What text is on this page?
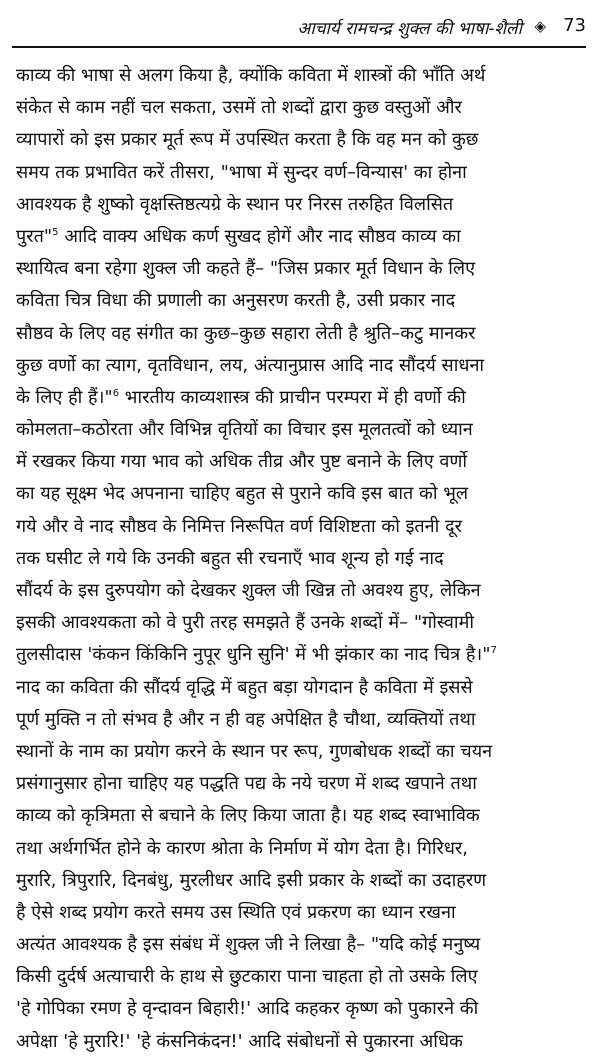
आचार्य रामचन्द्र शुक्ल की भाषा-शैली ◈ 73
काव्य की भाषा से अलग किया है, क्योंकि कविता में शास्त्रों की भाँति अर्थ
संकेत से काम नहीं चल सकता, उसमें तो शब्दों द्वारा कुछ वस्तुओं और
व्यापारों को इस प्रकार मूर्त रूप में उपस्थित करता है कि वह मन को कुछ
समय तक प्रभावित करें तीसरा, "भाषा में सुन्दर वर्ण–विन्यास' का होना
आवश्यक है शुष्को वृक्षस्तिष्ठत्यग्रे के स्थान पर निरस तरुहित विलसित
पुरत"$^5$ आदि वाक्य अधिक कर्ण सुखद होगें और नाद सौष्ठव काव्य का
स्थायित्व बना रहेगा शुक्ल जी कहते हैं– "जिस प्रकार मूर्त विधान के लिए
कविता चित्र विधा की प्रणाली का अनुसरण करती है, उसी प्रकार नाद
सौष्ठव के लिए वह संगीत का कुछ–कुछ सहारा लेती है श्रुति–कटु मानकर
कुछ वर्णो का त्याग, वृतविधान, लय, अंत्यानुप्रास आदि नाद सौंदर्य साधना
के लिए ही हैं।"$^6$ भारतीय काव्यशास्त्र की प्राचीन परम्परा में ही वर्णो की
कोमलता–कठोरता और विभिन्न वृतियों का विचार इस मूलतत्वों को ध्यान
में रखकर किया गया भाव को अधिक तीव्र और पुष्ट बनाने के लिए वर्णो
का यह सूक्ष्म भेद अपनाना चाहिए बहुत से पुराने कवि इस बात को भूल
गये और वे नाद सौष्ठव के निमित्त निरूपित वर्ण विशिष्टता को इतनी दूर
तक घसीट ले गये कि उनकी बहुत सी रचनाएँ भाव शून्य हो गई नाद
सौंदर्य के इस दुरुपयोग को देखकर शुक्ल जी खिन्न तो अवश्य हुए, लेकिन
इसकी आवश्यकता को वे पुरी तरह समझते हैं उनके शब्दों में– "गोस्वामी
तुलसीदास 'कंकन किंकिनि नुपूर धुनि सुनि' में भी झंकार का नाद चित्र है।"$^7$
नाद का कविता की सौंदर्य वृद्धि में बहुत बड़ा योगदान है कविता में इससे
पूर्ण मुक्ति न तो संभव है और न ही वह अपेक्षित है चौथा, व्यक्तियों तथा
स्थानों के नाम का प्रयोग करने के स्थान पर रूप, गुणबोधक शब्दों का चयन
प्रसंगानुसार होना चाहिए यह पद्धति पद्य के नये चरण में शब्द खपाने तथा
काव्य को कृत्रिमता से बचाने के लिए किया जाता है। यह शब्द स्वाभाविक
तथा अर्थगर्भित होने के कारण श्रोता के निर्माण में योग देता है। गिरिधर,
मुरारि, त्रिपुरारि, दिनबंधु, मुरलीधर आदि इसी प्रकार के शब्दों का उदाहरण
है ऐसे शब्द प्रयोग करते समय उस स्थिति एवं प्रकरण का ध्यान रखना
अत्यंत आवश्यक है इस संबंध में शुक्ल जी ने लिखा है– "यदि कोई मनुष्य
किसी दुर्दर्ष अत्याचारी के हाथ से छुटकारा पाना चाहता हो तो उसके लिए
'हे गोपिका रमण हे वृन्दावन बिहारी!' आदि कहकर कृष्ण को पुकारने की
अपेक्षा 'हे मुरारि!' 'हे कंसनिकंदन!' आदि संबोधनों से पुकारना अधिक
